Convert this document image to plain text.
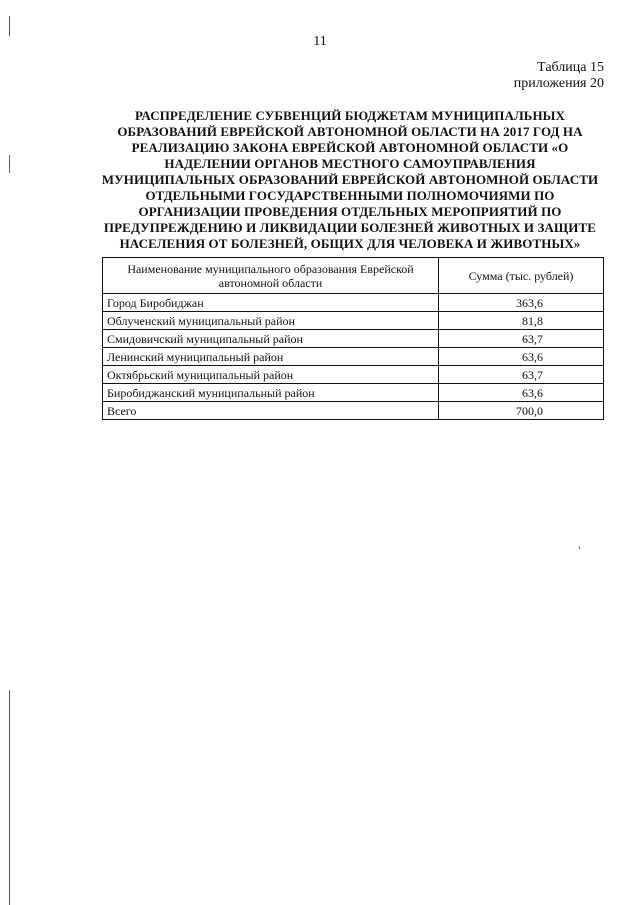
11
Таблица 15
приложения 20
РАСПРЕДЕЛЕНИЕ СУБВЕНЦИЙ БЮДЖЕТАМ МУНИЦИПАЛЬНЫХ ОБРАЗОВАНИЙ ЕВРЕЙСКОЙ АВТОНОМНОЙ ОБЛАСТИ НА 2017 ГОД НА РЕАЛИЗАЦИЮ ЗАКОНА ЕВРЕЙСКОЙ АВТОНОМНОЙ ОБЛАСТИ «О НАДЕЛЕНИИ ОРГАНОВ МЕСТНОГО САМОУПРАВЛЕНИЯ МУНИЦИПАЛЬНЫХ ОБРАЗОВАНИЙ ЕВРЕЙСКОЙ АВТОНОМНОЙ ОБЛАСТИ ОТДЕЛЬНЫМИ ГОСУДАРСТВЕННЫМИ ПОЛНОМОЧИЯМИ ПО ОРГАНИЗАЦИИ ПРОВЕДЕНИЯ ОТДЕЛЬНЫХ МЕРОПРИЯТИЙ ПО ПРЕДУПРЕЖДЕНИЮ И ЛИКВИДАЦИИ БОЛЕЗНЕЙ ЖИВОТНЫХ И ЗАЩИТЕ НАСЕЛЕНИЯ ОТ БОЛЕЗНЕЙ, ОБЩИХ ДЛЯ ЧЕЛОВЕКА И ЖИВОТНЫХ»
Наименование муниципального образования Еврейской автономной области	Сумма (тыс. рублей)
Город Биробиджан	363,6
Облученский муниципальный район	81,8
Смидовичский муниципальный район	63,7
Ленинский муниципальный район	63,6
Октябрьский муниципальный район	63,7
Биробиджанский муниципальный район	63,6
Всего	700,0
